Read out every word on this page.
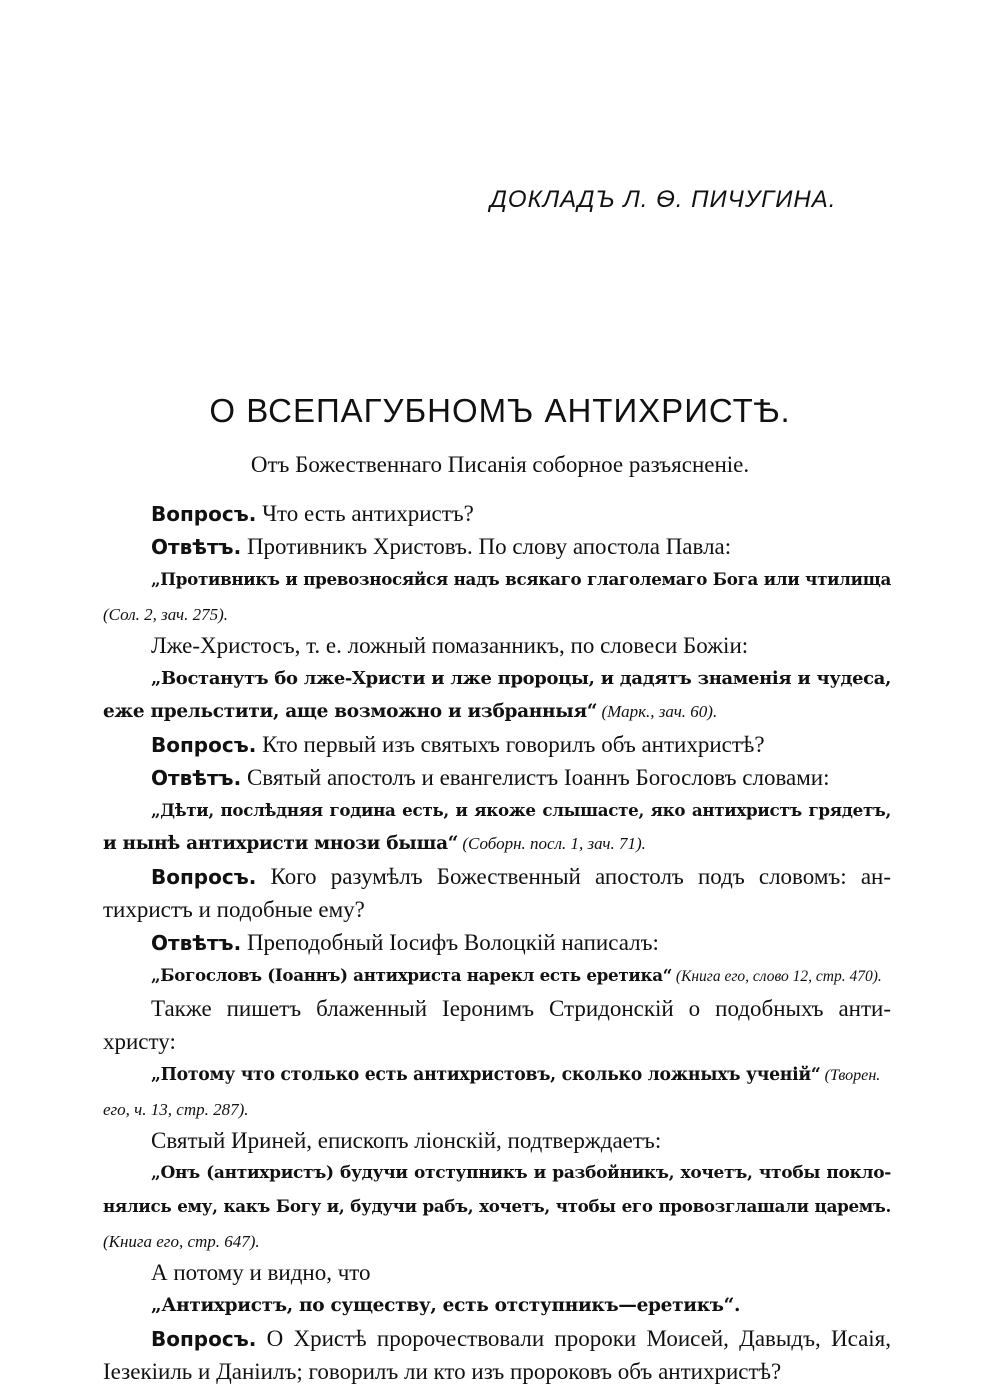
ДОКЛАДЪ Л. Ѳ. ПИЧУГИНА.
О ВСЕПАГУБНОМЪ АНТИХРИСТѢ.
Отъ Божественнаго Писанія соборное разъясненіе.
Вопросъ. Что есть антихристъ?
Отвѣтъ. Противникъ Христовъ. По слову апостола Павла:
„Противникъ и превозносяйся надъ всякаго глаголемаго Бога или чтилища
(Сол. 2, зач. 275).
Лже-Христосъ, т. е. ложный помазанникъ, по словеси Божіи:
„Востанутъ бо лже-Христи и лже пророцы, и дадятъ знаменія и чудеса,
еже прельстити, аще возможно и избранныя“ (Марк., зач. 60).
Вопросъ. Кто первый изъ святыхъ говорилъ объ антихристѣ?
Отвѣтъ. Святый апостолъ и евангелистъ Іоаннъ Богословъ словами:
„Дѣти, послѣдняя година есть, и якоже слышасте, яко антихристъ грядетъ,
и нынѣ антихристи мнози быша“ (Соборн. посл. 1, зач. 71).
Вопросъ. Кого разумѣлъ Божественный апостолъ подъ словомъ: ан-
тихристъ и подобные ему?
Отвѣтъ. Преподобный Іосифъ Волоцкій написалъ:
„Богословъ (Іоаннъ) антихриста нарекл есть еретика“ (Книга его, слово 12, стр. 470).
Также пишетъ блаженный Іеронимъ Стридонскій о подобныхъ анти-
христу:
„Потому что столько есть антихристовъ, сколько ложныхъ ученій“ (Творен.
его, ч. 13, стр. 287).
Святый Ириней, епископъ ліонскій, подтверждаетъ:
„Онъ (антихристъ) будучи отступникъ и разбойникъ, хочетъ, чтобы покло-
нялись ему, какъ Богу и, будучи рабъ, хочетъ, чтобы его провозглашали царемъ.
(Книга его, стр. 647).
А потому и видно, что
„Антихристъ, по существу, есть отступникъ—еретикъ“.
Вопросъ. О Христѣ пророчествовали пророки Моисей, Давыдъ, Исаія,
Іезекіиль и Даніилъ; говорилъ ли кто изъ пророковъ объ антихристѣ?
